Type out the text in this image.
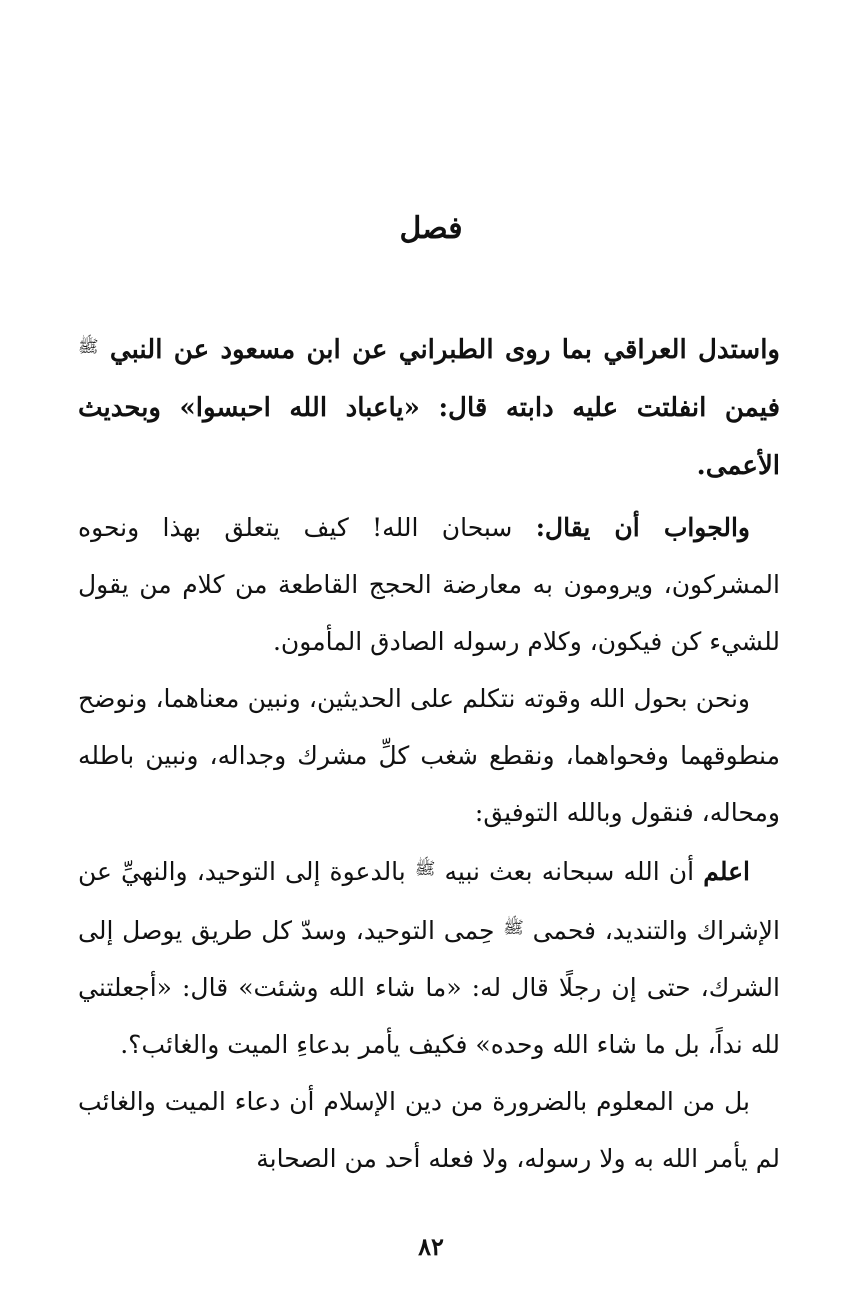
فصل

واستدل العراقي بما روى الطبراني عن ابن مسعود عن النبي $^ﷺ$ فيمن انفلتت عليه دابته قال: «ياعباد الله احبسوا» وبحديث الأعمى.

والجواب أن يقال: سبحان الله! كيف يتعلق بهذا ونحوه المشركون، ويرومون به معارضة الحجج القاطعة من كلام من يقول للشيء كن فيكون، وكلام رسوله الصادق المأمون.

ونحن بحول الله وقوته نتكلم على الحديثين، ونبين معناهما، ونوضح منطوقهما وفحواهما، ونقطع شغب كلِّ مشرك وجداله، ونبين باطله ومحاله، فنقول وبالله التوفيق:

اعلم أن الله سبحانه بعث نبيه $^ﷺ$ بالدعوة إلى التوحيد، والنهيِّ عن الإشراك والتنديد، فحمى $^ﷺ$ حِمى التوحيد، وسدّ كل طريق يوصل إلى الشرك، حتى إن رجلًا قال له: «ما شاء الله وشئت» قال: «أجعلتني لله نداً، بل ما شاء الله وحده» فكيف يأمر بدعاءِ الميت والغائب؟.

بل من المعلوم بالضرورة من دين الإسلام أن دعاء الميت والغائب لم يأمر الله به ولا رسوله، ولا فعله أحد من الصحابة

٨٢
